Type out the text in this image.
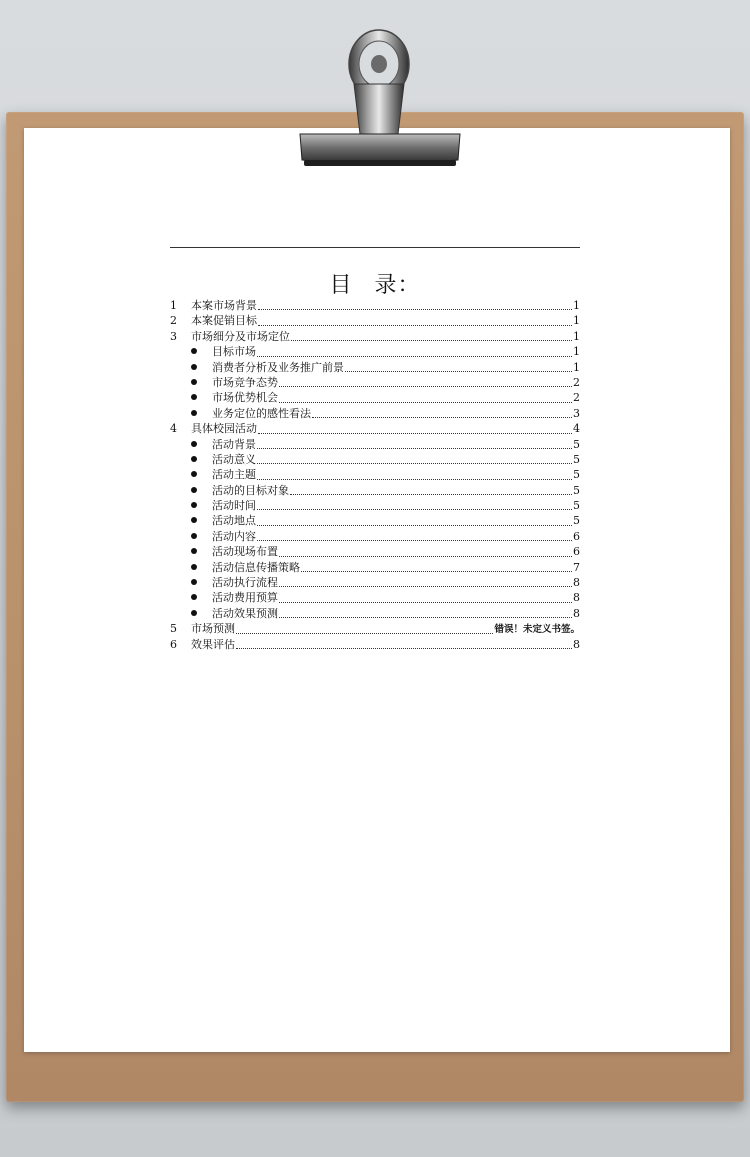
目 录：
1	本案市场背景	1
2	本案促销目标	1
3	市场细分及市场定位	1
目标市场	1
消费者分析及业务推广前景	1
市场竞争态势	2
市场优势机会	2
业务定位的感性看法	3
4	具体校园活动	4
活动背景	5
活动意义	5
活动主题	5
活动的目标对象	5
活动时间	5
活动地点	5
活动内容	6
活动现场布置	6
活动信息传播策略	7
活动执行流程	8
活动费用预算	8
活动效果预测	8
5	市场预测	错误！未定义书签。
6	效果评估	8
